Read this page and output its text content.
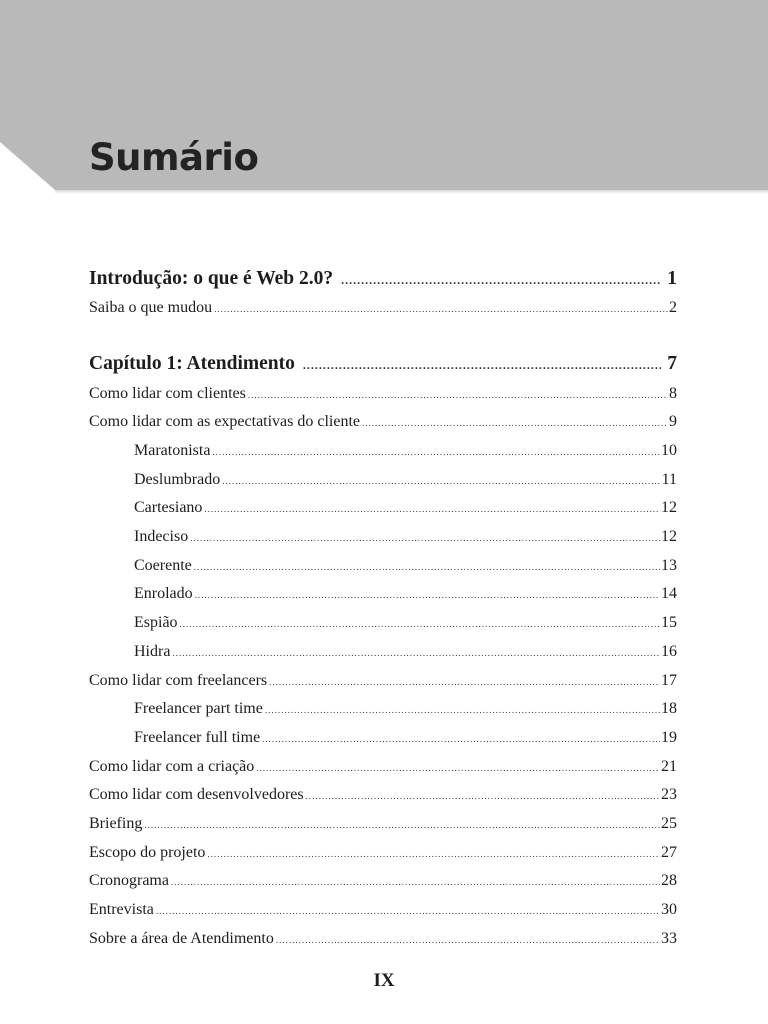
Sumário
Introdução: o que é Web 2.0? .....	1
Saiba o que mudou .....	2
Capítulo 1: Atendimento .....	7
Como lidar com clientes .....	8
Como lidar com as expectativas do cliente .....	9
Maratonista .....	10
Deslumbrado .....	11
Cartesiano .....	12
Indeciso .....	12
Coerente .....	13
Enrolado .....	14
Espião .....	15
Hidra .....	16
Como lidar com freelancers .....	17
Freelancer part time .....	18
Freelancer full time .....	19
Como lidar com a criação .....	21
Como lidar com desenvolvedores .....	23
Briefing .....	25
Escopo do projeto .....	27
Cronograma .....	28
Entrevista .....	30
Sobre a área de Atendimento .....	33
IX
